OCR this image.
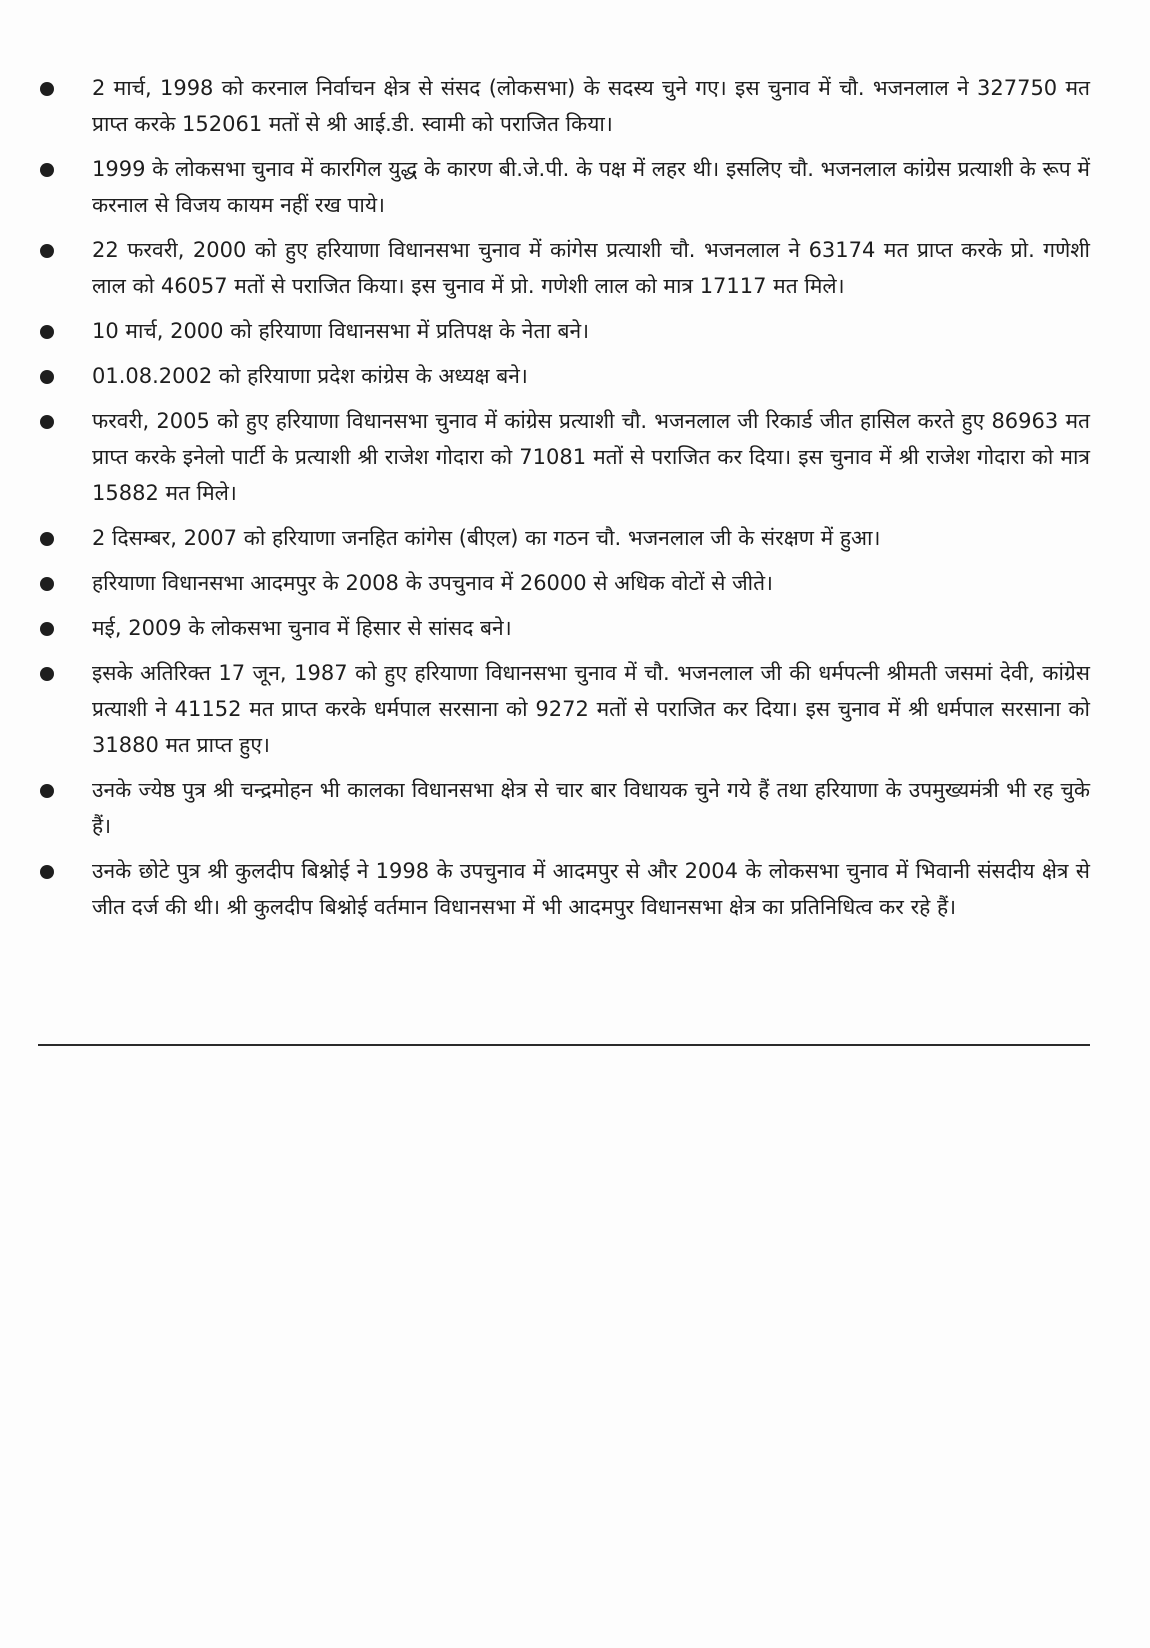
2 मार्च, 1998 को करनाल निर्वाचन क्षेत्र से संसद (लोकसभा) के सदस्य चुने गए। इस चुनाव में चौ. भजनलाल ने 327750 मत प्राप्त करके 152061 मतों से श्री आई.डी. स्वामी को पराजित किया।
1999 के लोकसभा चुनाव में कारगिल युद्ध के कारण बी.जे.पी. के पक्ष में लहर थी। इसलिए चौ. भजनलाल कांग्रेस प्रत्याशी के रूप में करनाल से विजय कायम नहीं रख पाये।
22 फरवरी, 2000 को हुए हरियाणा विधानसभा चुनाव में कांगेस प्रत्याशी चौ. भजनलाल ने 63174 मत प्राप्त करके प्रो. गणेशी लाल को 46057 मतों से पराजित किया। इस चुनाव में प्रो. गणेशी लाल को मात्र 17117 मत मिले।
10 मार्च, 2000 को हरियाणा विधानसभा में प्रतिपक्ष के नेता बने।
01.08.2002 को हरियाणा प्रदेश कांग्रेस के अध्यक्ष बने।
फरवरी, 2005 को हुए हरियाणा विधानसभा चुनाव में कांग्रेस प्रत्याशी चौ. भजनलाल जी रिकार्ड जीत हासिल करते हुए 86963 मत प्राप्त करके इनेलो पार्टी के प्रत्याशी श्री राजेश गोदारा को 71081 मतों से पराजित कर दिया। इस चुनाव में श्री राजेश गोदारा को मात्र 15882 मत मिले।
2 दिसम्बर, 2007 को हरियाणा जनहित कांगेस (बीएल) का गठन चौ. भजनलाल जी के संरक्षण में हुआ।
हरियाणा विधानसभा आदमपुर के 2008 के उपचुनाव में 26000 से अधिक वोटों से जीते।
मई, 2009 के लोकसभा चुनाव में हिसार से सांसद बने।
इसके अतिरिक्त 17 जून, 1987 को हुए हरियाणा विधानसभा चुनाव में चौ. भजनलाल जी की धर्मपत्नी श्रीमती जसमां देवी, कांग्रेस प्रत्याशी ने 41152 मत प्राप्त करके धर्मपाल सरसाना को 9272 मतों से पराजित कर दिया। इस चुनाव में श्री धर्मपाल सरसाना को 31880 मत प्राप्त हुए।
उनके ज्येष्ठ पुत्र श्री चन्द्रमोहन भी कालका विधानसभा क्षेत्र से चार बार विधायक चुने गये हैं तथा हरियाणा के उपमुख्यमंत्री भी रह चुके हैं।
उनके छोटे पुत्र श्री कुलदीप बिश्नोई ने 1998 के उपचुनाव में आदमपुर से और 2004 के लोकसभा चुनाव में भिवानी संसदीय क्षेत्र से जीत दर्ज की थी। श्री कुलदीप बिश्नोई वर्तमान विधानसभा में भी आदमपुर विधानसभा क्षेत्र का प्रतिनिधित्व कर रहे हैं।
